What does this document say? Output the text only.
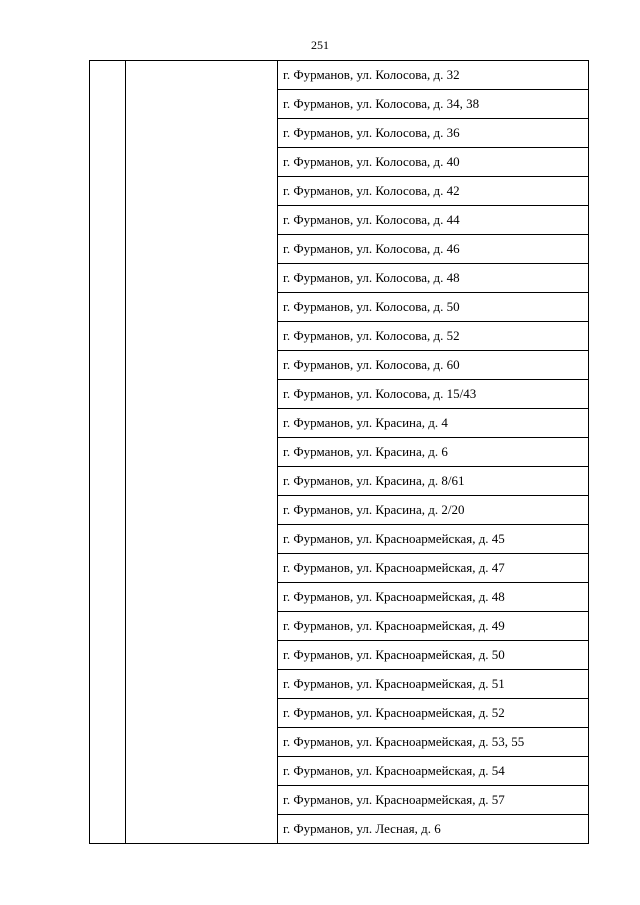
251
		г. Фурманов, ул. Колосова, д. 32
г. Фурманов, ул. Колосова, д. 34, 38
г. Фурманов, ул. Колосова, д. 36
г. Фурманов, ул. Колосова, д. 40
г. Фурманов, ул. Колосова, д. 42
г. Фурманов, ул. Колосова, д. 44
г. Фурманов, ул. Колосова, д. 46
г. Фурманов, ул. Колосова, д. 48
г. Фурманов, ул. Колосова, д. 50
г. Фурманов, ул. Колосова, д. 52
г. Фурманов, ул. Колосова, д. 60
г. Фурманов, ул. Колосова, д. 15/43
г. Фурманов, ул. Красина, д. 4
г. Фурманов, ул. Красина, д. 6
г. Фурманов, ул. Красина, д. 8/61
г. Фурманов, ул. Красина, д. 2/20
г. Фурманов, ул. Красноармейская, д. 45
г. Фурманов, ул. Красноармейская, д. 47
г. Фурманов, ул. Красноармейская, д. 48
г. Фурманов, ул. Красноармейская, д. 49
г. Фурманов, ул. Красноармейская, д. 50
г. Фурманов, ул. Красноармейская, д. 51
г. Фурманов, ул. Красноармейская, д. 52
г. Фурманов, ул. Красноармейская, д. 53, 55
г. Фурманов, ул. Красноармейская, д. 54
г. Фурманов, ул. Красноармейская, д. 57
г. Фурманов, ул. Лесная, д. 6
